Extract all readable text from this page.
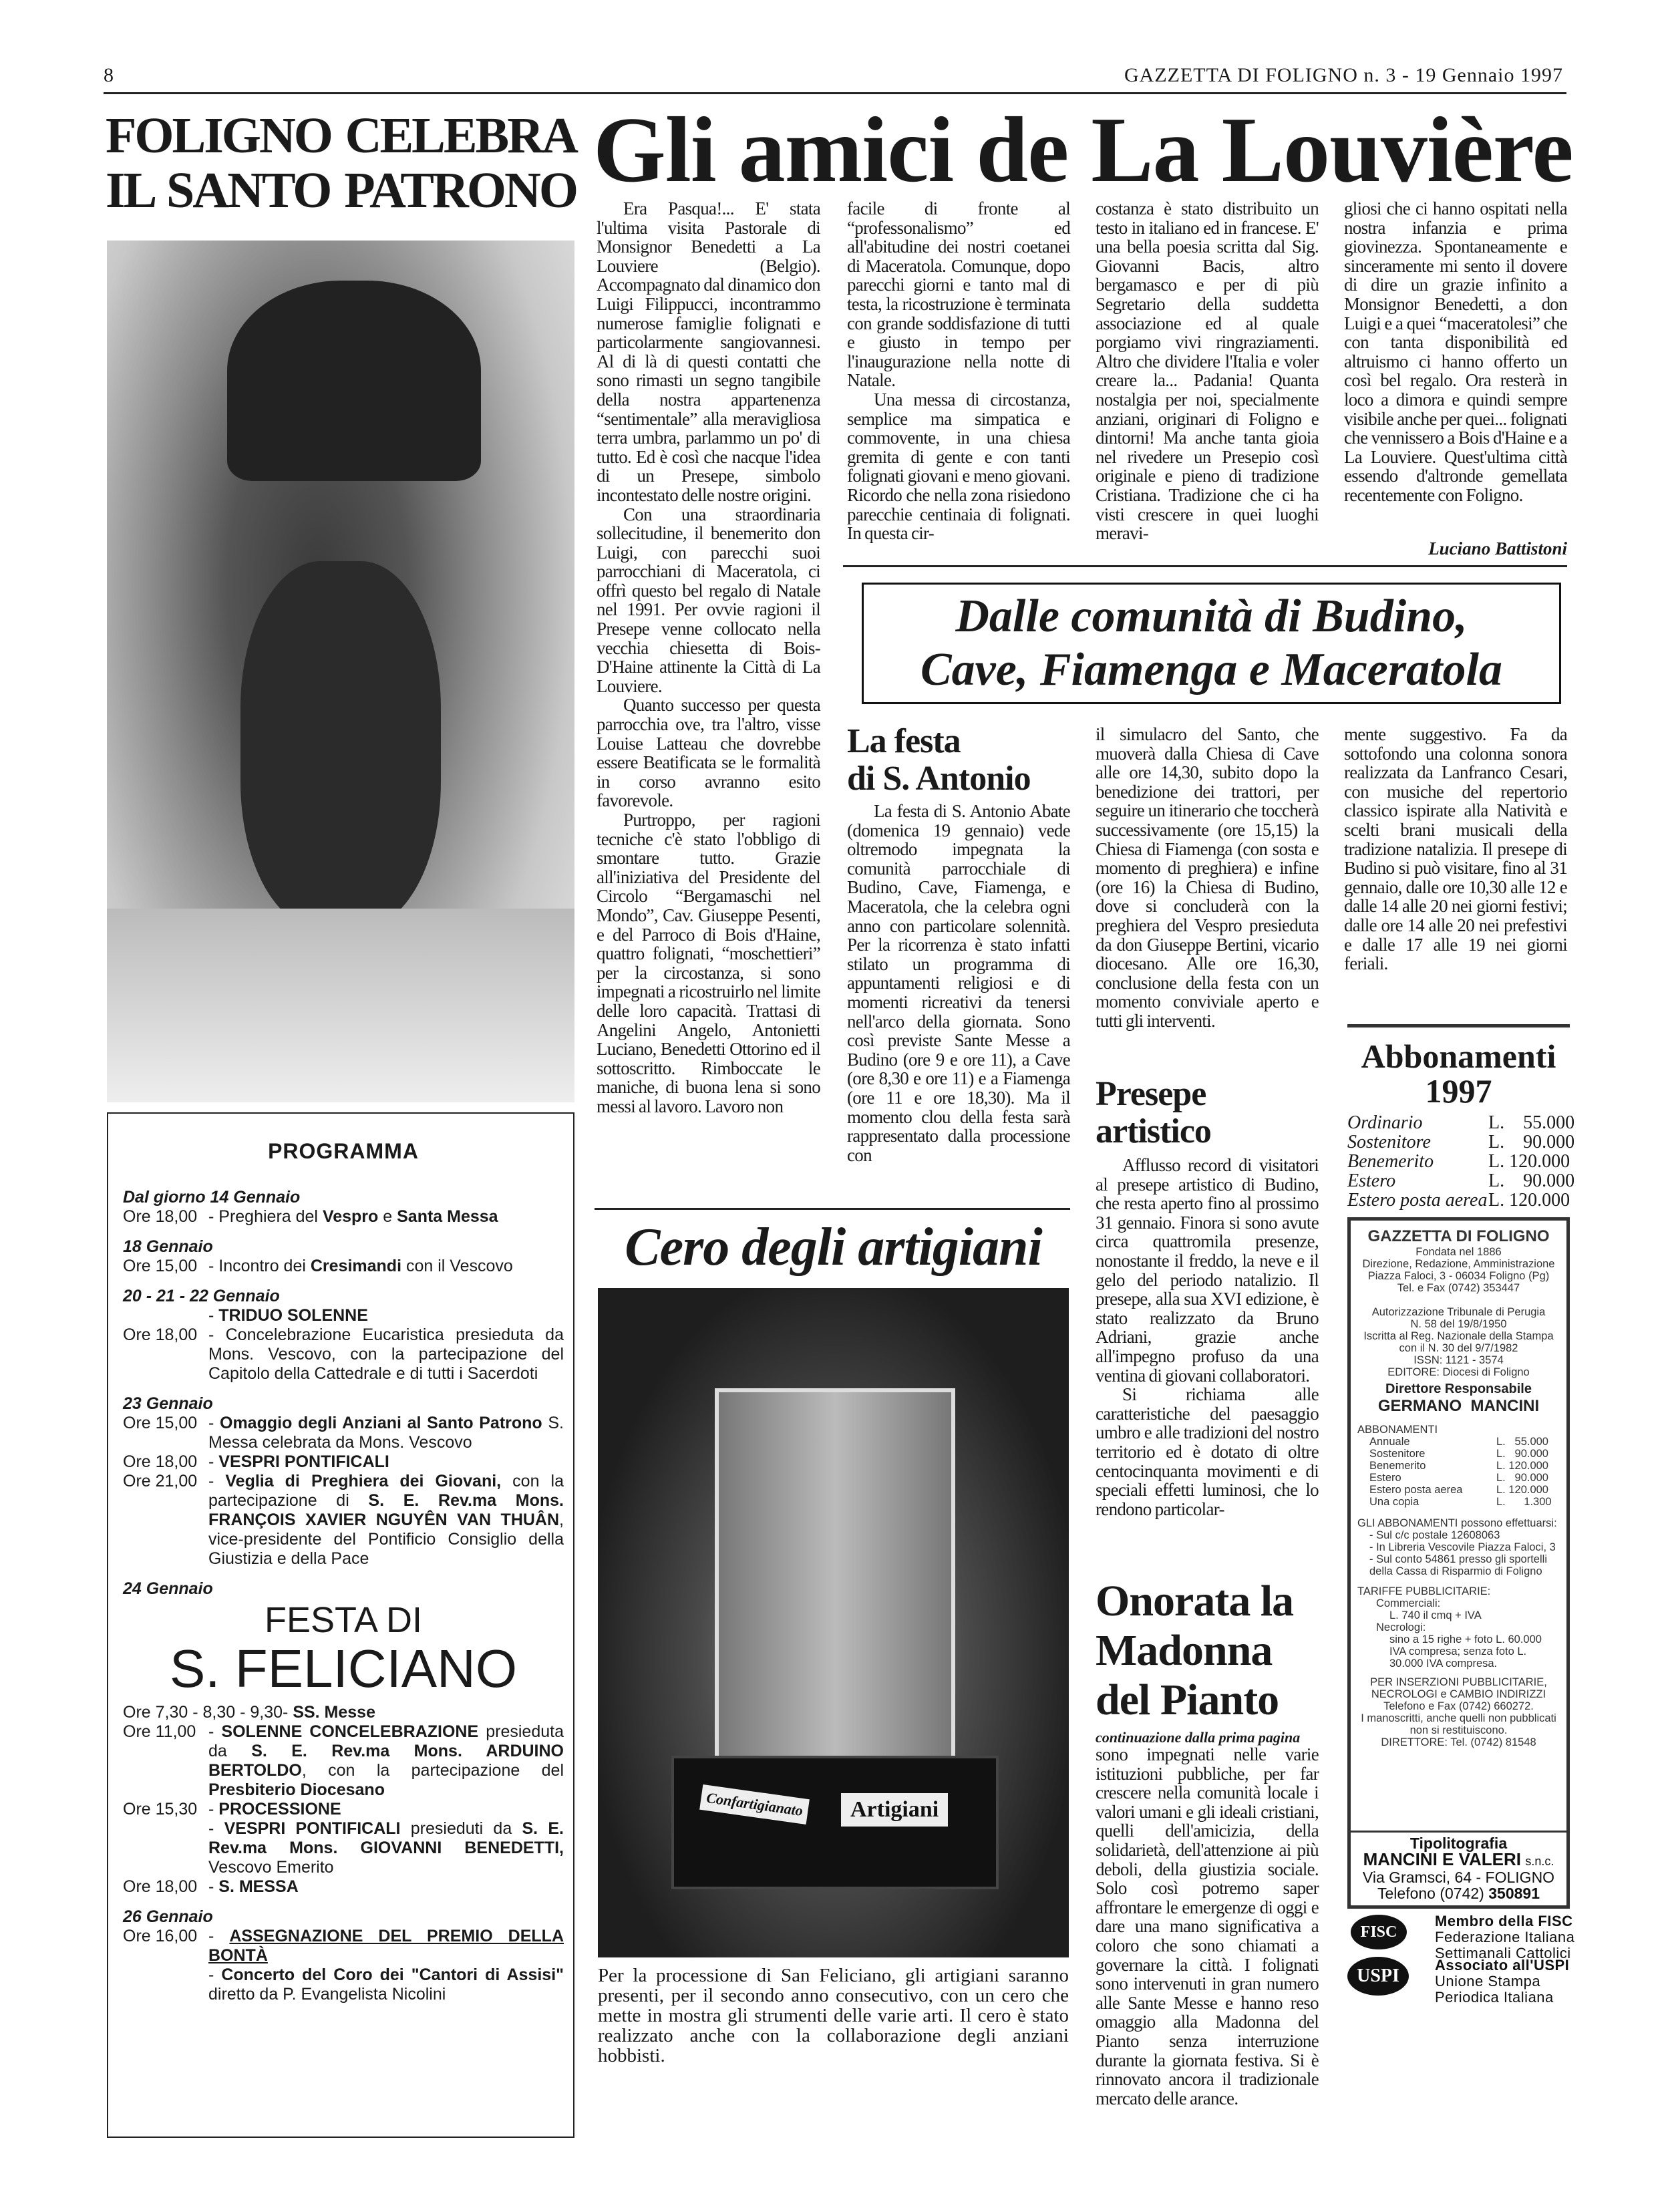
8	GAZZETTA DI FOLIGNO n. 3 - 19 Gennaio 1997
FOLIGNO CELEBRA
IL SANTO PATRONO
PROGRAMMA
Dal giorno 14 Gennaio
Ore 18,00 - Preghiera del Vespro e Santa Messa
18 Gennaio
Ore 15,00 - Incontro dei Cresimandi con il Vescovo
20 - 21 - 22 Gennaio
- TRIDUO SOLENNE
Ore 18,00 - Concelebrazione Eucaristica presieduta da Mons. Vescovo, con la partecipazione del Capitolo della Cattedrale e di tutti i Sacerdoti
23 Gennaio
Ore 15,00 - Omaggio degli Anziani al Santo Patrono S. Messa celebrata da Mons. Vescovo
Ore 18,00 - VESPRI PONTIFICALI
Ore 21,00 - Veglia di Preghiera dei Giovani, con la partecipazione di S. E. Rev.ma Mons. FRANÇOIS XAVIER NGUYÊN VAN THUÂN, vice-presidente del Pontificio Consiglio della Giustizia e della Pace
24 Gennaio
FESTA DI
S. FELICIANO
Ore 7,30 - 8,30 - 9,30 - SS. Messe
Ore 11,00 - SOLENNE CONCELEBRAZIONE presieduta da S. E. Rev.ma Mons. ARDUINO BERTOLDO, con la partecipazione del Presbiterio Diocesano
Ore 15,30 - PROCESSIONE
- VESPRI PONTIFICALI presieduti da S. E. Rev.ma Mons. GIOVANNI BENEDETTI, Vescovo Emerito
Ore 18,00 - S. MESSA
26 Gennaio
Ore 16,00 - ASSEGNAZIONE DEL PREMIO DELLA BONTÀ
- Concerto del Coro dei "Cantori di Assisi" diretto da P. Evangelista Nicolini
Gli amici de La Louvière

Era Pasqua!... E' stata l'ultima visita Pastorale di Monsignor Benedetti a La Louviere (Belgio). Accompagnato dal dinamico don Luigi Filippucci, incontrammo numerose famiglie folignati e particolarmente sangiovannesi. Al di là di questi contatti che sono rimasti un segno tangibile della nostra appartenenza “sentimentale” alla meravigliosa terra umbra, parlammo un po' di tutto. Ed è così che nacque l'idea di un Presepe, simbolo incontestato delle nostre origini.

Con una straordinaria sollecitudine, il benemerito don Luigi, con parecchi suoi parrocchiani di Maceratola, ci offrì questo bel regalo di Natale nel 1991. Per ovvie ragioni il Presepe venne collocato nella vecchia chiesetta di Bois-D'Haine attinente la Città di La Louviere.

Quanto successo per questa parrocchia ove, tra l'altro, visse Louise Latteau che dovrebbe essere Beatificata se le formalità in corso avranno esito favorevole.

Purtroppo, per ragioni tecniche c'è stato l'obbligo di smontare tutto. Grazie all'iniziativa del Presidente del Circolo “Bergamaschi nel Mondo”, Cav. Giuseppe Pesenti, e del Parroco di Bois d'Haine, quattro folignati, “moschettieri” per la circostanza, si sono impegnati a ricostruirlo nel limite delle loro capacità. Trattasi di Angelini Angelo, Antonietti Luciano, Benedetti Ottorino ed il sottoscritto. Rimboccate le maniche, di buona lena si sono messi al lavoro. Lavoro non

facile di fronte al “professonalismo” ed all'abitudine dei nostri coetanei di Maceratola. Comunque, dopo parecchi giorni e tanto mal di testa, la ricostruzione è terminata con grande soddisfazione di tutti e giusto in tempo per l'inaugurazione nella notte di Natale.

Una messa di circostanza, semplice ma simpatica e commovente, in una chiesa gremita di gente e con tanti folignati giovani e meno giovani. Ricordo che nella zona risiedono parecchie centinaia di folignati. In questa cir-

costanza è stato distribuito un testo in italiano ed in francese. E' una bella poesia scritta dal Sig. Giovanni Bacis, altro bergamasco e per di più Segretario della suddetta associazione ed al quale porgiamo vivi ringraziamenti. Altro che dividere l'Italia e voler creare la... Padania! Quanta nostalgia per noi, specialmente anziani, originari di Foligno e dintorni! Ma anche tanta gioia nel rivedere un Presepio così originale e pieno di tradizione Cristiana. Tradizione che ci ha visti crescere in quei luoghi meravi-

gliosi che ci hanno ospitati nella nostra infanzia e prima giovinezza. Spontaneamente e sinceramente mi sento il dovere di dire un grazie infinito a Monsignor Benedetti, a don Luigi e a quei “maceratolesi” che con tanta disponibilità ed altruismo ci hanno offerto un così bel regalo. Ora resterà in loco a dimora e quindi sempre visibile anche per quei... folignati che vennissero a Bois d'Haine e a La Louviere. Quest'ultima città essendo d'altronde gemellata recentemente con Foligno.

Luciano Battistoni
Dalle comunità di Budino,
Cave, Fiamenga e Maceratola
La festa
di S. Antonio

La festa di S. Antonio Abate (domenica 19 gennaio) vede oltremodo impegnata la comunità parrocchiale di Budino, Cave, Fiamenga, e Maceratola, che la celebra ogni anno con particolare solennità. Per la ricorrenza è stato infatti stilato un programma di appuntamenti religiosi e di momenti ricreativi da tenersi nell'arco della giornata. Sono così previste Sante Messe a Budino (ore 9 e ore 11), a Cave (ore 8,30 e ore 11) e a Fiamenga (ore 11 e ore 18,30). Ma il momento clou della festa sarà rappresentato dalla processione con

il simulacro del Santo, che muoverà dalla Chiesa di Cave alle ore 14,30, subito dopo la benedizione dei trattori, per seguire un itinerario che toccherà successivamente (ore 15,15) la Chiesa di Fiamenga (con sosta e momento di preghiera) e infine (ore 16) la Chiesa di Budino, dove si concluderà con la preghiera del Vespro presieduta da don Giuseppe Bertini, vicario diocesano. Alle ore 16,30, conclusione della festa con un momento conviviale aperto e tutti gli interventi.

Presepe
artistico

Afflusso record di visitatori al presepe artistico di Budino, che resta aperto fino al prossimo 31 gennaio. Finora si sono avute circa quattromila presenze, nonostante il freddo, la neve e il gelo del periodo natalizio. Il presepe, alla sua XVI edizione, è stato realizzato da Bruno Adriani, grazie anche all'impegno profuso da una ventina di giovani collaboratori.

Si richiama alle caratteristiche del paesaggio umbro e alle tradizioni del nostro territorio ed è dotato di oltre centocinquanta movimenti e di speciali effetti luminosi, che lo rendono particolar-

mente suggestivo. Fa da sottofondo una colonna sonora realizzata da Lanfranco Cesari, con musiche del repertorio classico ispirate alla Natività e scelti brani musicali della tradizione natalizia. Il presepe di Budino si può visitare, fino al 31 gennaio, dalle ore 10,30 alle 12 e dalle 14 alle 20 nei giorni festivi; dalle ore 14 alle 20 nei prefestivi e dalle 17 alle 19 nei giorni feriali.

Cero degli artigiani
Confartigianato	Artigiani
Per la processione di San Feliciano, gli artigiani saranno presenti, per il secondo anno consecutivo, con un cero che mette in mostra gli strumenti delle varie arti. Il cero è stato realizzato anche con la collaborazione degli anziani hobbisti.
Onorata la
Madonna
del Pianto
continuazione dalla prima pagina

sono impegnati nelle varie istituzioni pubbliche, per far crescere nella comunità locale i valori umani e gli ideali cristiani, quelli dell'amicizia, della solidarietà, dell'attenzione ai più deboli, della giustizia sociale. Solo così potremo saper affrontare le emergenze di oggi e dare una mano significativa a coloro che sono chiamati a governare la città. I folignati sono intervenuti in gran numero alle Sante Messe e hanno reso omaggio alla Madonna del Pianto senza interruzione durante la giornata festiva. Si è rinnovato ancora il tradizionale mercato delle arance.

Abbonamenti
1997
Ordinario	L.    55.000
Sostenitore	L.    90.000
Benemerito	L. 120.000
Estero	L.    90.000
Estero posta aerea L. 120.000
GAZZETTA DI FOLIGNO
Fondata nel 1886
Direzione, Redazione, Amministrazione
Piazza Faloci, 3 - 06034 Foligno (Pg)
Tel. e Fax (0742) 353447
Autorizzazione Tribunale di Perugia
N. 58 del 19/8/1950
Iscritta al Reg. Nazionale della Stampa
con il N. 30 del 9/7/1982
ISSN: 1121 - 3574
EDITORE: Diocesi di Foligno
Direttore Responsabile
GERMANO  MANCINI
ABBONAMENTI
Annuale	L.   55.000
Sostenitore	L.   90.000
Benemerito	L. 120.000
Estero	L.   90.000
Estero posta aerea	L. 120.000
Una copia	L.      1.300
GLI ABBONAMENTI possono effettuarsi:
- Sul c/c postale 12608063
- In Libreria Vescovile Piazza Faloci, 3
- Sul conto 54861 presso gli sportelli della Cassa di Risparmio di Foligno
TARIFFE PUBBLICITARIE:
Commerciali:
L. 740 il cmq + IVA
Necrologi:
sino a 15 righe + foto L. 60.000 IVA compresa; senza foto L. 30.000 IVA compresa.
PER INSERZIONI PUBBLICITARIE,
NECROLOGI e CAMBIO INDIRIZZI
Telefono e Fax (0742) 660272.
I manoscritti, anche quelli non pubblicati non si restituiscono.
DIRETTORE: Tel. (0742) 81548
Tipolitografia
MANCINI E VALERI s.n.c.
Via Gramsci, 64 - FOLIGNO
Telefono (0742) 350891
FISC
Membro della FISC
Federazione Italiana
Settimanali Cattolici
USPI
Associato all'USPI
Unione Stampa
Periodica Italiana
